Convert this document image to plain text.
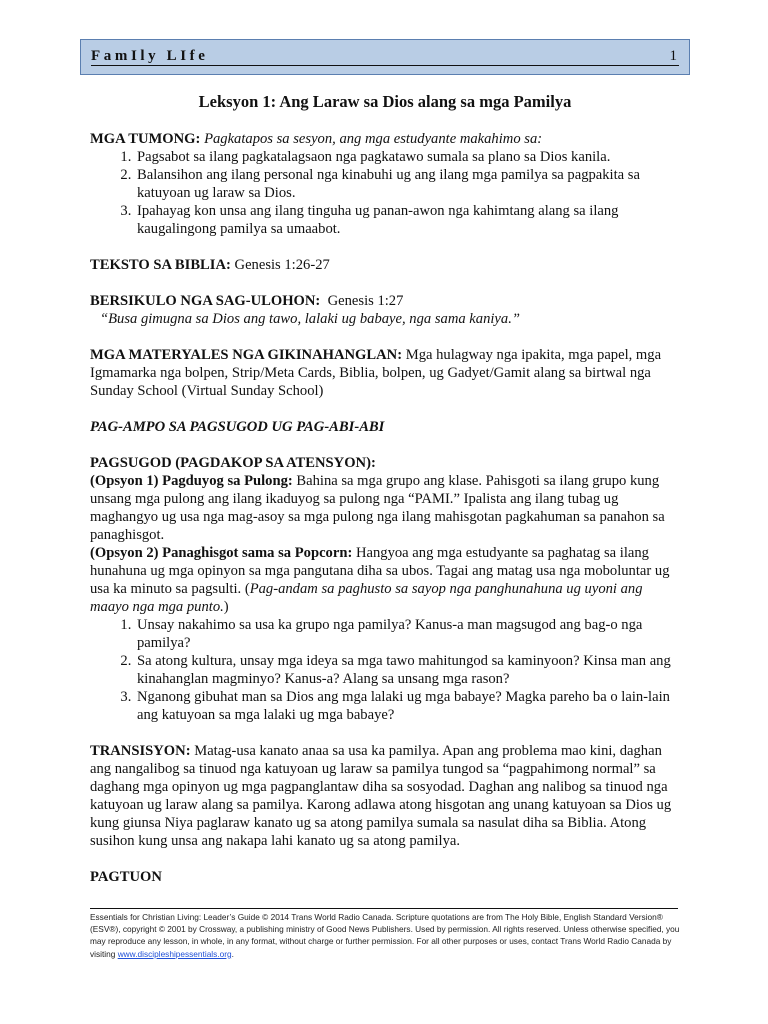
FamIly LIfe	1
Leksyon 1: Ang Laraw sa Dios alang sa mga Pamilya

MGA TUMONG: Pagkatapos sa sesyon, ang mga estudyante makahimo sa:

1. Pagsabot sa ilang pagkatalagsaon nga pagkatawo sumala sa plano sa Dios kanila.
2. Balansihon ang ilang personal nga kinabuhi ug ang ilang mga pamilya sa pagpakita sa katuyoan ug laraw sa Dios.
3. Ipahayag kon unsa ang ilang tinguha ug panan-awon nga kahimtang alang sa ilang kaugalingong pamilya sa umaabot.

TEKSTO SA BIBLIA: Genesis 1:26-27

BERSIKULO NGA SAG-ULOHON: Genesis 1:27

“Busa gimugna sa Dios ang tawo, lalaki ug babaye, nga sama kaniya.”

MGA MATERYALES NGA GIKINAHANGLAN: Mga hulagway nga ipakita, mga papel, mga Igmamarka nga bolpen, Strip/Meta Cards, Biblia, bolpen, ug Gadyet/Gamit alang sa birtwal nga Sunday School (Virtual Sunday School)

PAG-AMPO SA PAGSUGOD UG PAG-ABI-ABI

PAGSUGOD (PAGDAKOP SA ATENSYON):

(Opsyon 1) Pagduyog sa Pulong: Bahina sa mga grupo ang klase. Pahisgoti sa ilang grupo kung unsang mga pulong ang ilang ikaduyog sa pulong nga “PAMI.” Ipalista ang ilang tubag ug maghangyo ug usa nga mag-asoy sa mga pulong nga ilang mahisgotan pagkahuman sa panahon sa panaghisgot.

(Opsyon 2) Panaghisgot sama sa Popcorn: Hangyoa ang mga estudyante sa paghatag sa ilang hunahuna ug mga opinyon sa mga pangutana diha sa ubos. Tagai ang matag usa nga moboluntar ug usa ka minuto sa pagsulti. (Pag-andam sa paghusto sa sayop nga panghunahuna ug uyoni ang maayo nga mga punto.)

1. Unsay nakahimo sa usa ka grupo nga pamilya? Kanus-a man magsugod ang bag-o nga pamilya?
2. Sa atong kultura, unsay mga ideya sa mga tawo mahitungod sa kaminyoon? Kinsa man ang kinahanglan magminyo? Kanus-a? Alang sa unsang mga rason?
3. Nganong gibuhat man sa Dios ang mga lalaki ug mga babaye? Magka pareho ba o lain-lain ang katuyoan sa mga lalaki ug mga babaye?

TRANSISYON: Matag-usa kanato anaa sa usa ka pamilya. Apan ang problema mao kini, daghan ang nangalibog sa tinuod nga katuyoan ug laraw sa pamilya tungod sa “pagpahimong normal” sa daghang mga opinyon ug mga pagpanglantaw diha sa sosyodad. Daghan ang nalibog sa tinuod nga katuyoan ug laraw alang sa pamilya. Karong adlawa atong hisgotan ang unang katuyoan sa Dios ug kung giunsa Niya paglaraw kanato ug sa atong pamilya sumala sa nasulat diha sa Biblia. Atong susihon kung unsa ang nakapa lahi kanato ug sa atong pamilya.

PAGTUON

Essentials for Christian Living: Leader’s Guide © 2014 Trans World Radio Canada. Scripture quotations are from The Holy Bible, English Standard Version® (ESV®), copyright © 2001 by Crossway, a publishing ministry of Good News Publishers. Used by permission. All rights reserved. Unless otherwise specified, you may reproduce any lesson, in whole, in any format, without charge or further permission. For all other purposes or uses, contact Trans World Radio Canada by visiting www.discipleshipessentials.org.
